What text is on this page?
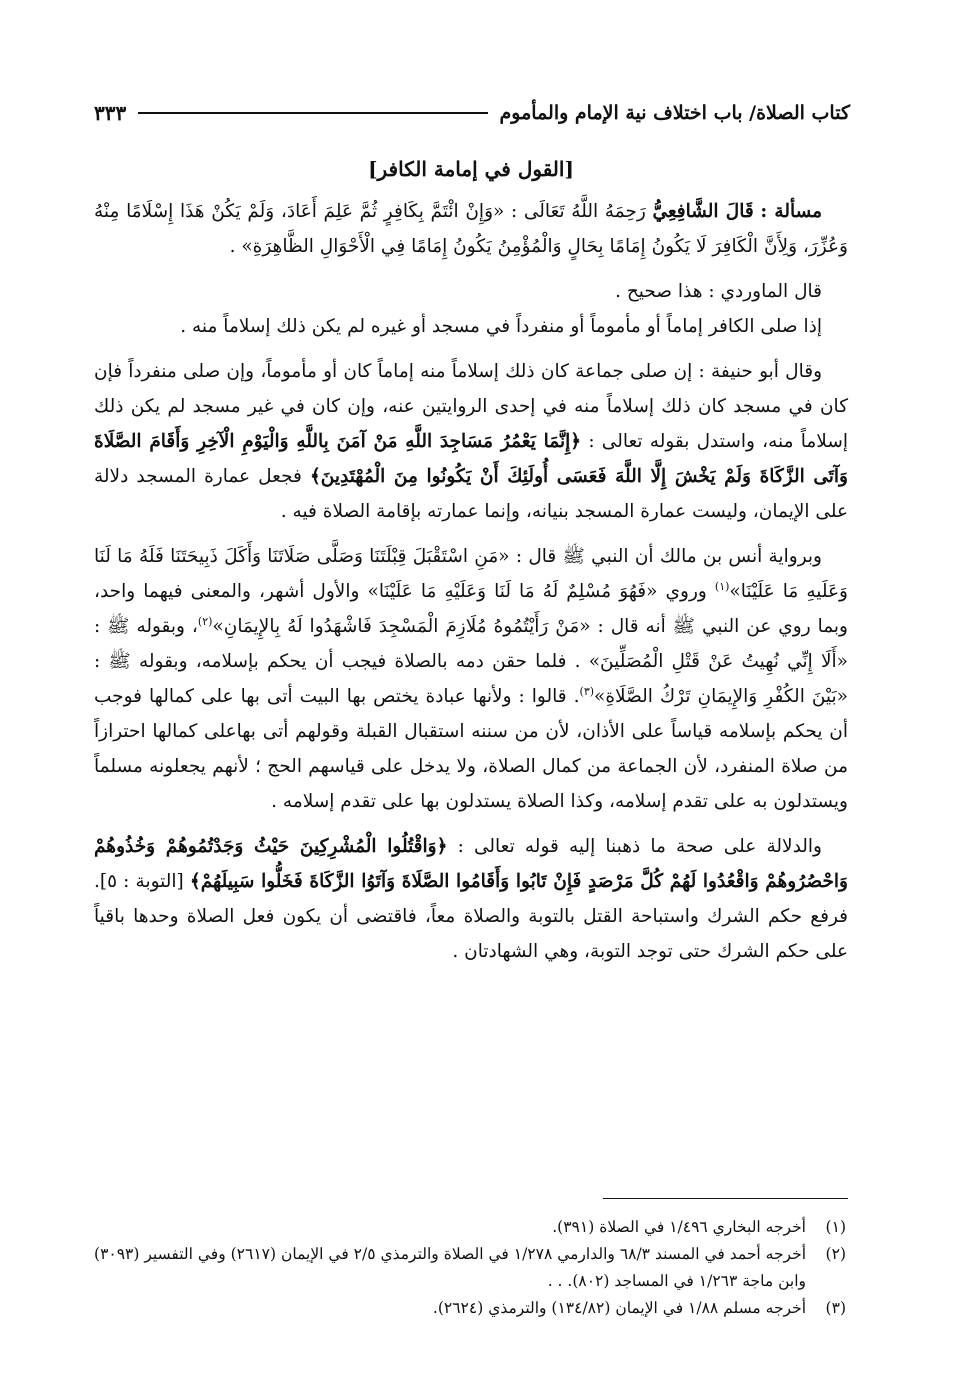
كتاب الصلاة/ باب اختلاف نية الإمام والمأموم
٣٣٣
[القول في إمامة الكافر]

مسألة : قَالَ الشَّافِعِيُّ رَحِمَهُ اللَّهُ تَعَالَى : «وَإِنْ ائْتَمَّ بِكَافِرٍ ثُمَّ عَلِمَ أَعَادَ، وَلَمْ يَكُنْ هَذَا إِسْلَامًا مِنْهُ وَعُزِّرَ، وَلِأَنَّ الْكَافِرَ لَا يَكُونُ إِمَامًا بِحَالٍ وَالْمُؤْمِنُ يَكُونُ إِمَامًا فِي الْأَحْوَالِ الظَّاهِرَةِ» .

قال الماوردي : هذا صحيح .

إذا صلى الكافر إماماً أو مأموماً أو منفرداً في مسجد أو غيره لم يكن ذلك إسلاماً منه .

وقال أبو حنيفة : إن صلى جماعة كان ذلك إسلاماً منه إماماً كان أو مأموماً، وإن صلى منفرداً فإن كان في مسجد كان ذلك إسلاماً منه في إحدى الروايتين عنه، وإن كان في غير مسجد لم يكن ذلك إسلاماً منه، واستدل بقوله تعالى : ﴿إِنَّمَا يَعْمُرُ مَسَاجِدَ اللَّهِ مَنْ آمَنَ بِاللَّهِ وَالْيَوْمِ الْآخِرِ وَأَقَامَ الصَّلَاةَ وَآتَى الزَّكَاةَ وَلَمْ يَخْشَ إِلَّا اللَّهَ فَعَسَى أُولَئِكَ أَنْ يَكُونُوا مِنَ الْمُهْتَدِينَ﴾ فجعل عمارة المسجد دلالة على الإيمان، وليست عمارة المسجد بنيانه، وإنما عمارته بإقامة الصلاة فيه .

وبرواية أنس بن مالك أن النبي ﷺ قال : «مَنِ اسْتَقْبَلَ قِبْلَتَنَا وَصَلَّى صَلَاتَنَا وَأَكَلَ ذَبِيحَتَنَا فَلَهُ مَا لَنَا وَعَلَيهِ مَا عَلَيْنَا»$^{(١)}$ وروي «فَهُوَ مُسْلِمٌ لَهُ مَا لَنَا وَعَلَيْهِ مَا عَلَيْنَا» والأول أشهر، والمعنى فيهما واحد، وبما روي عن النبي ﷺ أنه قال : «مَنْ رَأَيْتُمُوهُ مُلَازِمَ الْمَسْجِدَ فَاشْهَدُوا لَهُ بِالإِيمَانِ»$^{(٢)}$، وبقوله ﷺ : «أَلَا إِنِّي نُهِيتُ عَنْ قَتْلِ الْمُصَلِّينَ» . فلما حقن دمه بالصلاة فيجب أن يحكم بإسلامه، وبقوله ﷺ : «بَيْنَ الكُفْرِ وَالإِيمَانِ تَرْكُ الصَّلَاةِ»$^{(٣)}$. قالوا : ولأنها عبادة يختص بها البيت أتى بها على كمالها فوجب أن يحكم بإسلامه قياساً على الأذان، لأن من سننه استقبال القبلة وقولهم أتى بهاعلى كمالها احترازاً من صلاة المنفرد، لأن الجماعة من كمال الصلاة، ولا يدخل على قياسهم الحج ؛ لأنهم يجعلونه مسلماً ويستدلون به على تقدم إسلامه، وكذا الصلاة يستدلون بها على تقدم إسلامه .

والدلالة على صحة ما ذهبنا إليه قوله تعالى : ﴿وَاقْتُلُوا الْمُشْرِكِينَ حَيْثُ وَجَدْتُمُوهُمْ وَخُذُوهُمْ وَاحْصُرُوهُمْ وَاقْعُدُوا لَهُمْ كُلَّ مَرْصَدٍ فَإِنْ تَابُوا وَأَقَامُوا الصَّلَاةَ وَآتَوُا الزَّكَاةَ فَخَلُّوا سَبِيلَهُمْ﴾ [التوبة : ٥]. فرفع حكم الشرك واستباحة القتل بالتوبة والصلاة معاً، فاقتضى أن يكون فعل الصلاة وحدها باقياً على حكم الشرك حتى توجد التوبة، وهي الشهادتان .

(١)
أخرجه البخاري ١/٤٩٦ في الصلاة (٣٩١).
(٢)
أخرجه أحمد في المسند ٦٨/٣ والدارمي ١/٢٧٨ في الصلاة والترمذي ٢/٥ في الإيمان (٢٦١٧) وفي التفسير (٣٠٩٣) وابن ماجة ١/٢٦٣ في المساجد (٨٠٢). . .
(٣)
أخرجه مسلم ١/٨٨ في الإيمان (١٣٤/٨٢) والترمذي (٢٦٢٤).
